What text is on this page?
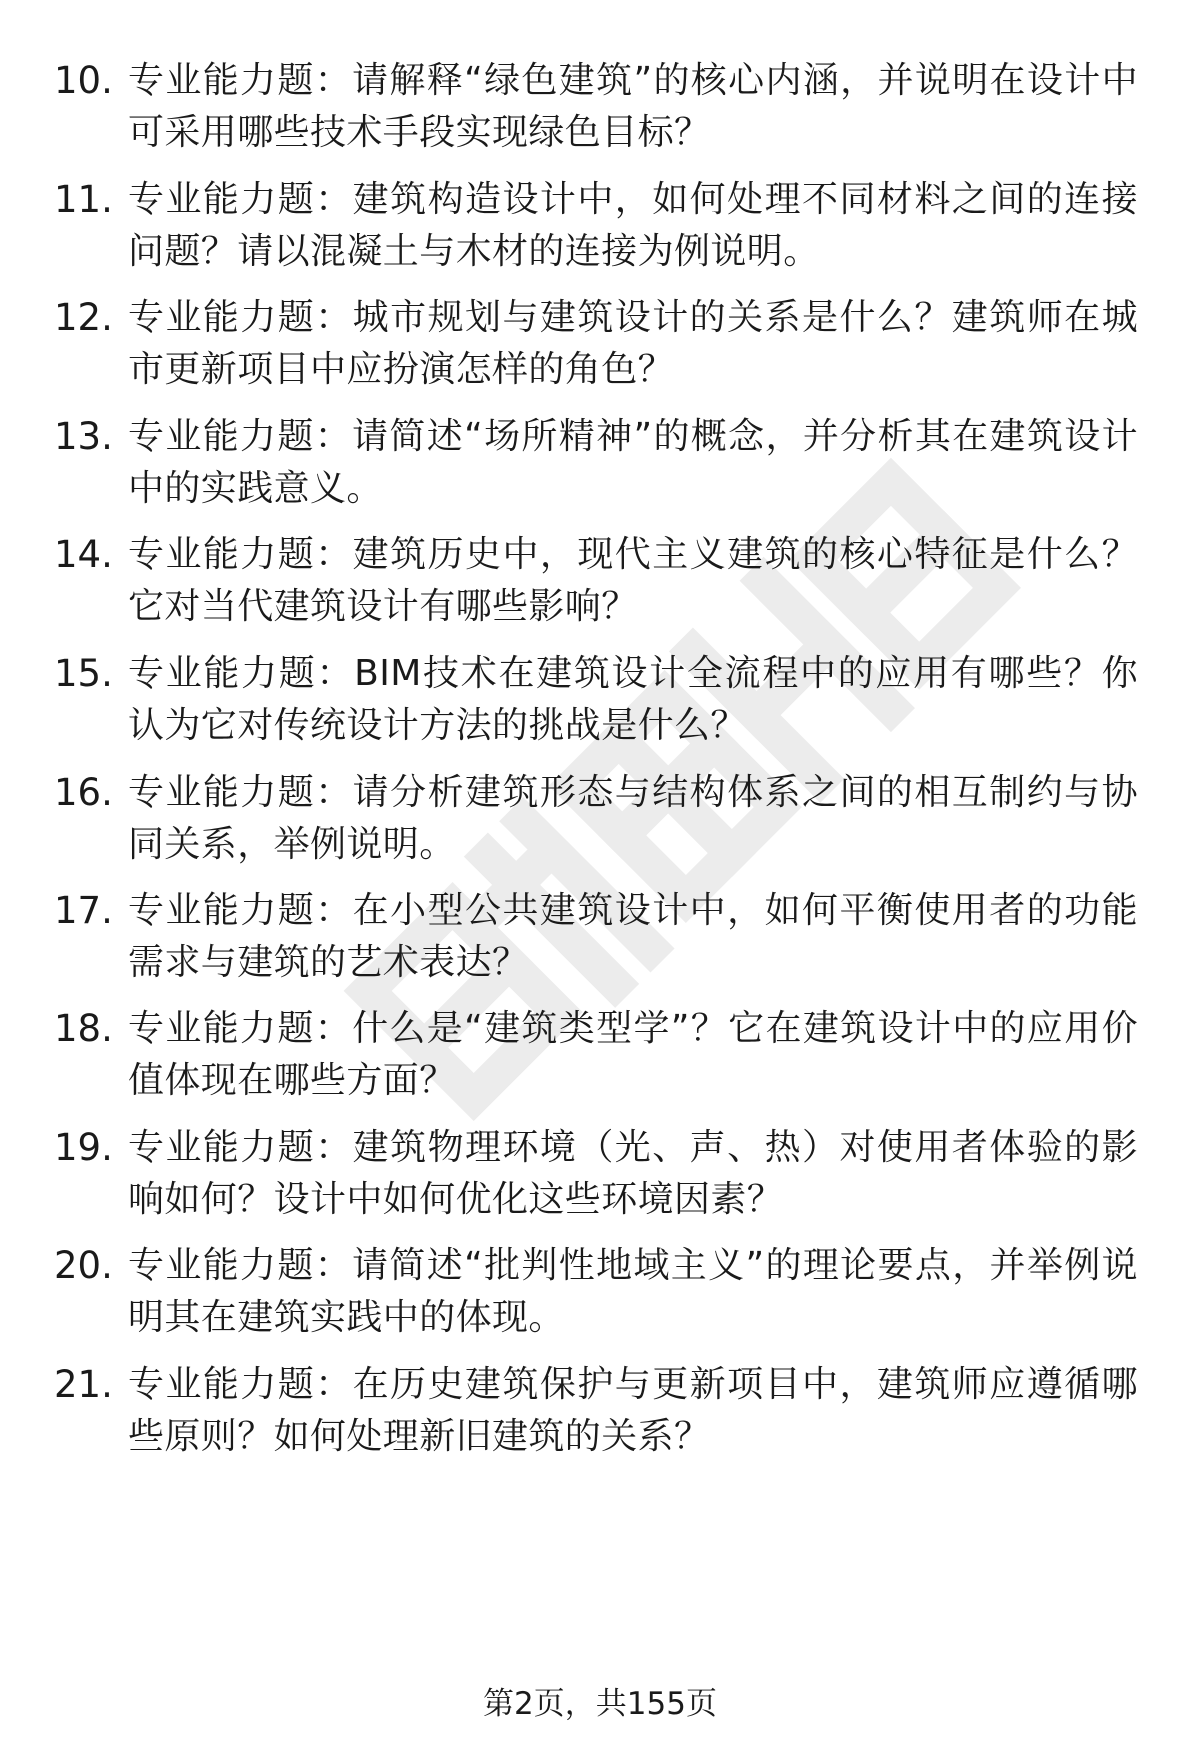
10. 专业能力题：请解释“绿色建筑”的核心内涵，并说明在设计中可采用哪些技术手段实现绿色目标？
11. 专业能力题：建筑构造设计中，如何处理不同材料之间的连接问题？请以混凝土与木材的连接为例说明。
12. 专业能力题：城市规划与建筑设计的关系是什么？建筑师在城市更新项目中应扮演怎样的角色？
13. 专业能力题：请简述“场所精神”的概念，并分析其在建筑设计中的实践意义。
14. 专业能力题：建筑历史中，现代主义建筑的核心特征是什么？它对当代建筑设计有哪些影响？
15. 专业能力题：BIM技术在建筑设计全流程中的应用有哪些？你认为它对传统设计方法的挑战是什么？
16. 专业能力题：请分析建筑形态与结构体系之间的相互制约与协同关系，举例说明。
17. 专业能力题：在小型公共建筑设计中，如何平衡使用者的功能需求与建筑的艺术表达？
18. 专业能力题：什么是“建筑类型学”？它在建筑设计中的应用价值体现在哪些方面？
19. 专业能力题：建筑物理环境（光、声、热）对使用者体验的影响如何？设计中如何优化这些环境因素？
20. 专业能力题：请简述“批判性地域主义”的理论要点，并举例说明其在建筑实践中的体现。
21. 专业能力题：在历史建筑保护与更新项目中，建筑师应遵循哪些原则？如何处理新旧建筑的关系？
第2页，共155页
